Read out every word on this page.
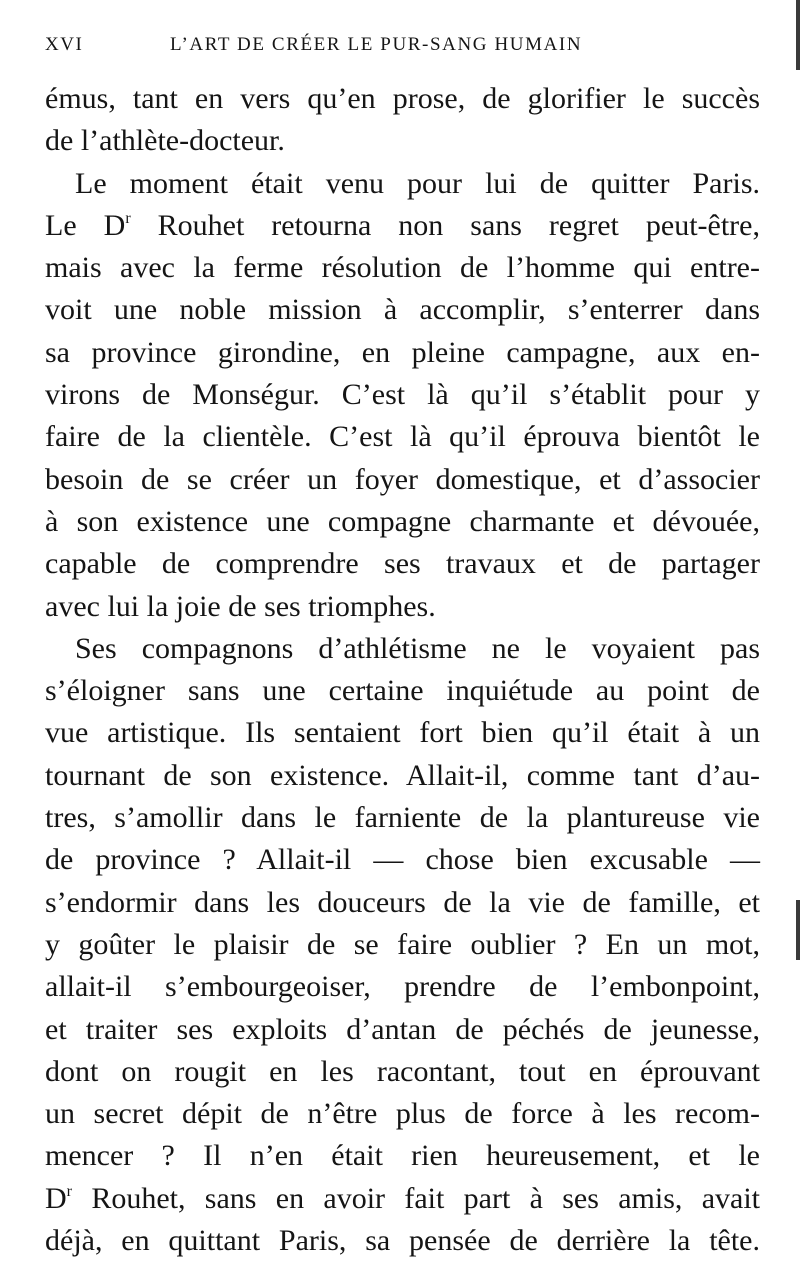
XVI	L’ART DE CRÉER LE PUR-SANG HUMAIN
émus, tant en vers qu’en prose, de glorifier le succès
de l’athlète-docteur.
Le moment était venu pour lui de quitter Paris.
Le $D^r$ Rouhet retourna non sans regret peut-être,
mais avec la ferme résolution de l’homme qui entre-
voit une noble mission à accomplir, s’enterrer dans
sa province girondine, en pleine campagne, aux en-
virons de Monségur. C’est là qu’il s’établit pour y
faire de la clientèle. C’est là qu’il éprouva bientôt le
besoin de se créer un foyer domestique, et d’associer
à son existence une compagne charmante et dévouée,
capable de comprendre ses travaux et de partager
avec lui la joie de ses triomphes.
Ses compagnons d’athlétisme ne le voyaient pas
s’éloigner sans une certaine inquiétude au point de
vue artistique. Ils sentaient fort bien qu’il était à un
tournant de son existence. Allait-il, comme tant d’au-
tres, s’amollir dans le farniente de la plantureuse vie
de province ? Allait-il — chose bien excusable —
s’endormir dans les douceurs de la vie de famille, et
y goûter le plaisir de se faire oublier ? En un mot,
allait-il s’embourgeoiser, prendre de l’embonpoint,
et traiter ses exploits d’antan de péchés de jeunesse,
dont on rougit en les racontant, tout en éprouvant
un secret dépit de n’être plus de force à les recom-
mencer ? Il n’en était rien heureusement, et le
$D^r$ Rouhet, sans en avoir fait part à ses amis, avait
déjà, en quittant Paris, sa pensée de derrière la tête.
